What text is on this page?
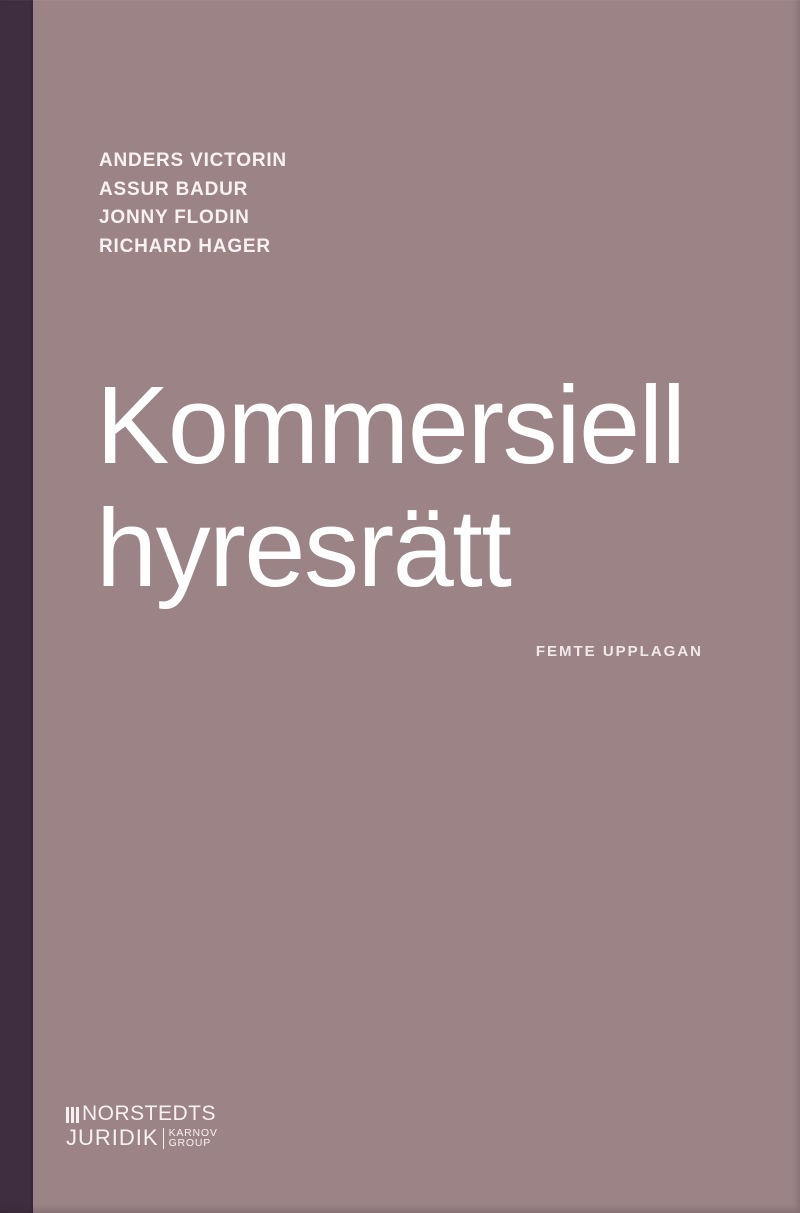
ANDERS VICTORIN
ASSUR BADUR
JONNY FLODIN
RICHARD HAGER
Kommersiell
hyresrätt
FEMTE UPPLAGAN
NORSTEDTS
JURIDIK KARNOV
GROUP
